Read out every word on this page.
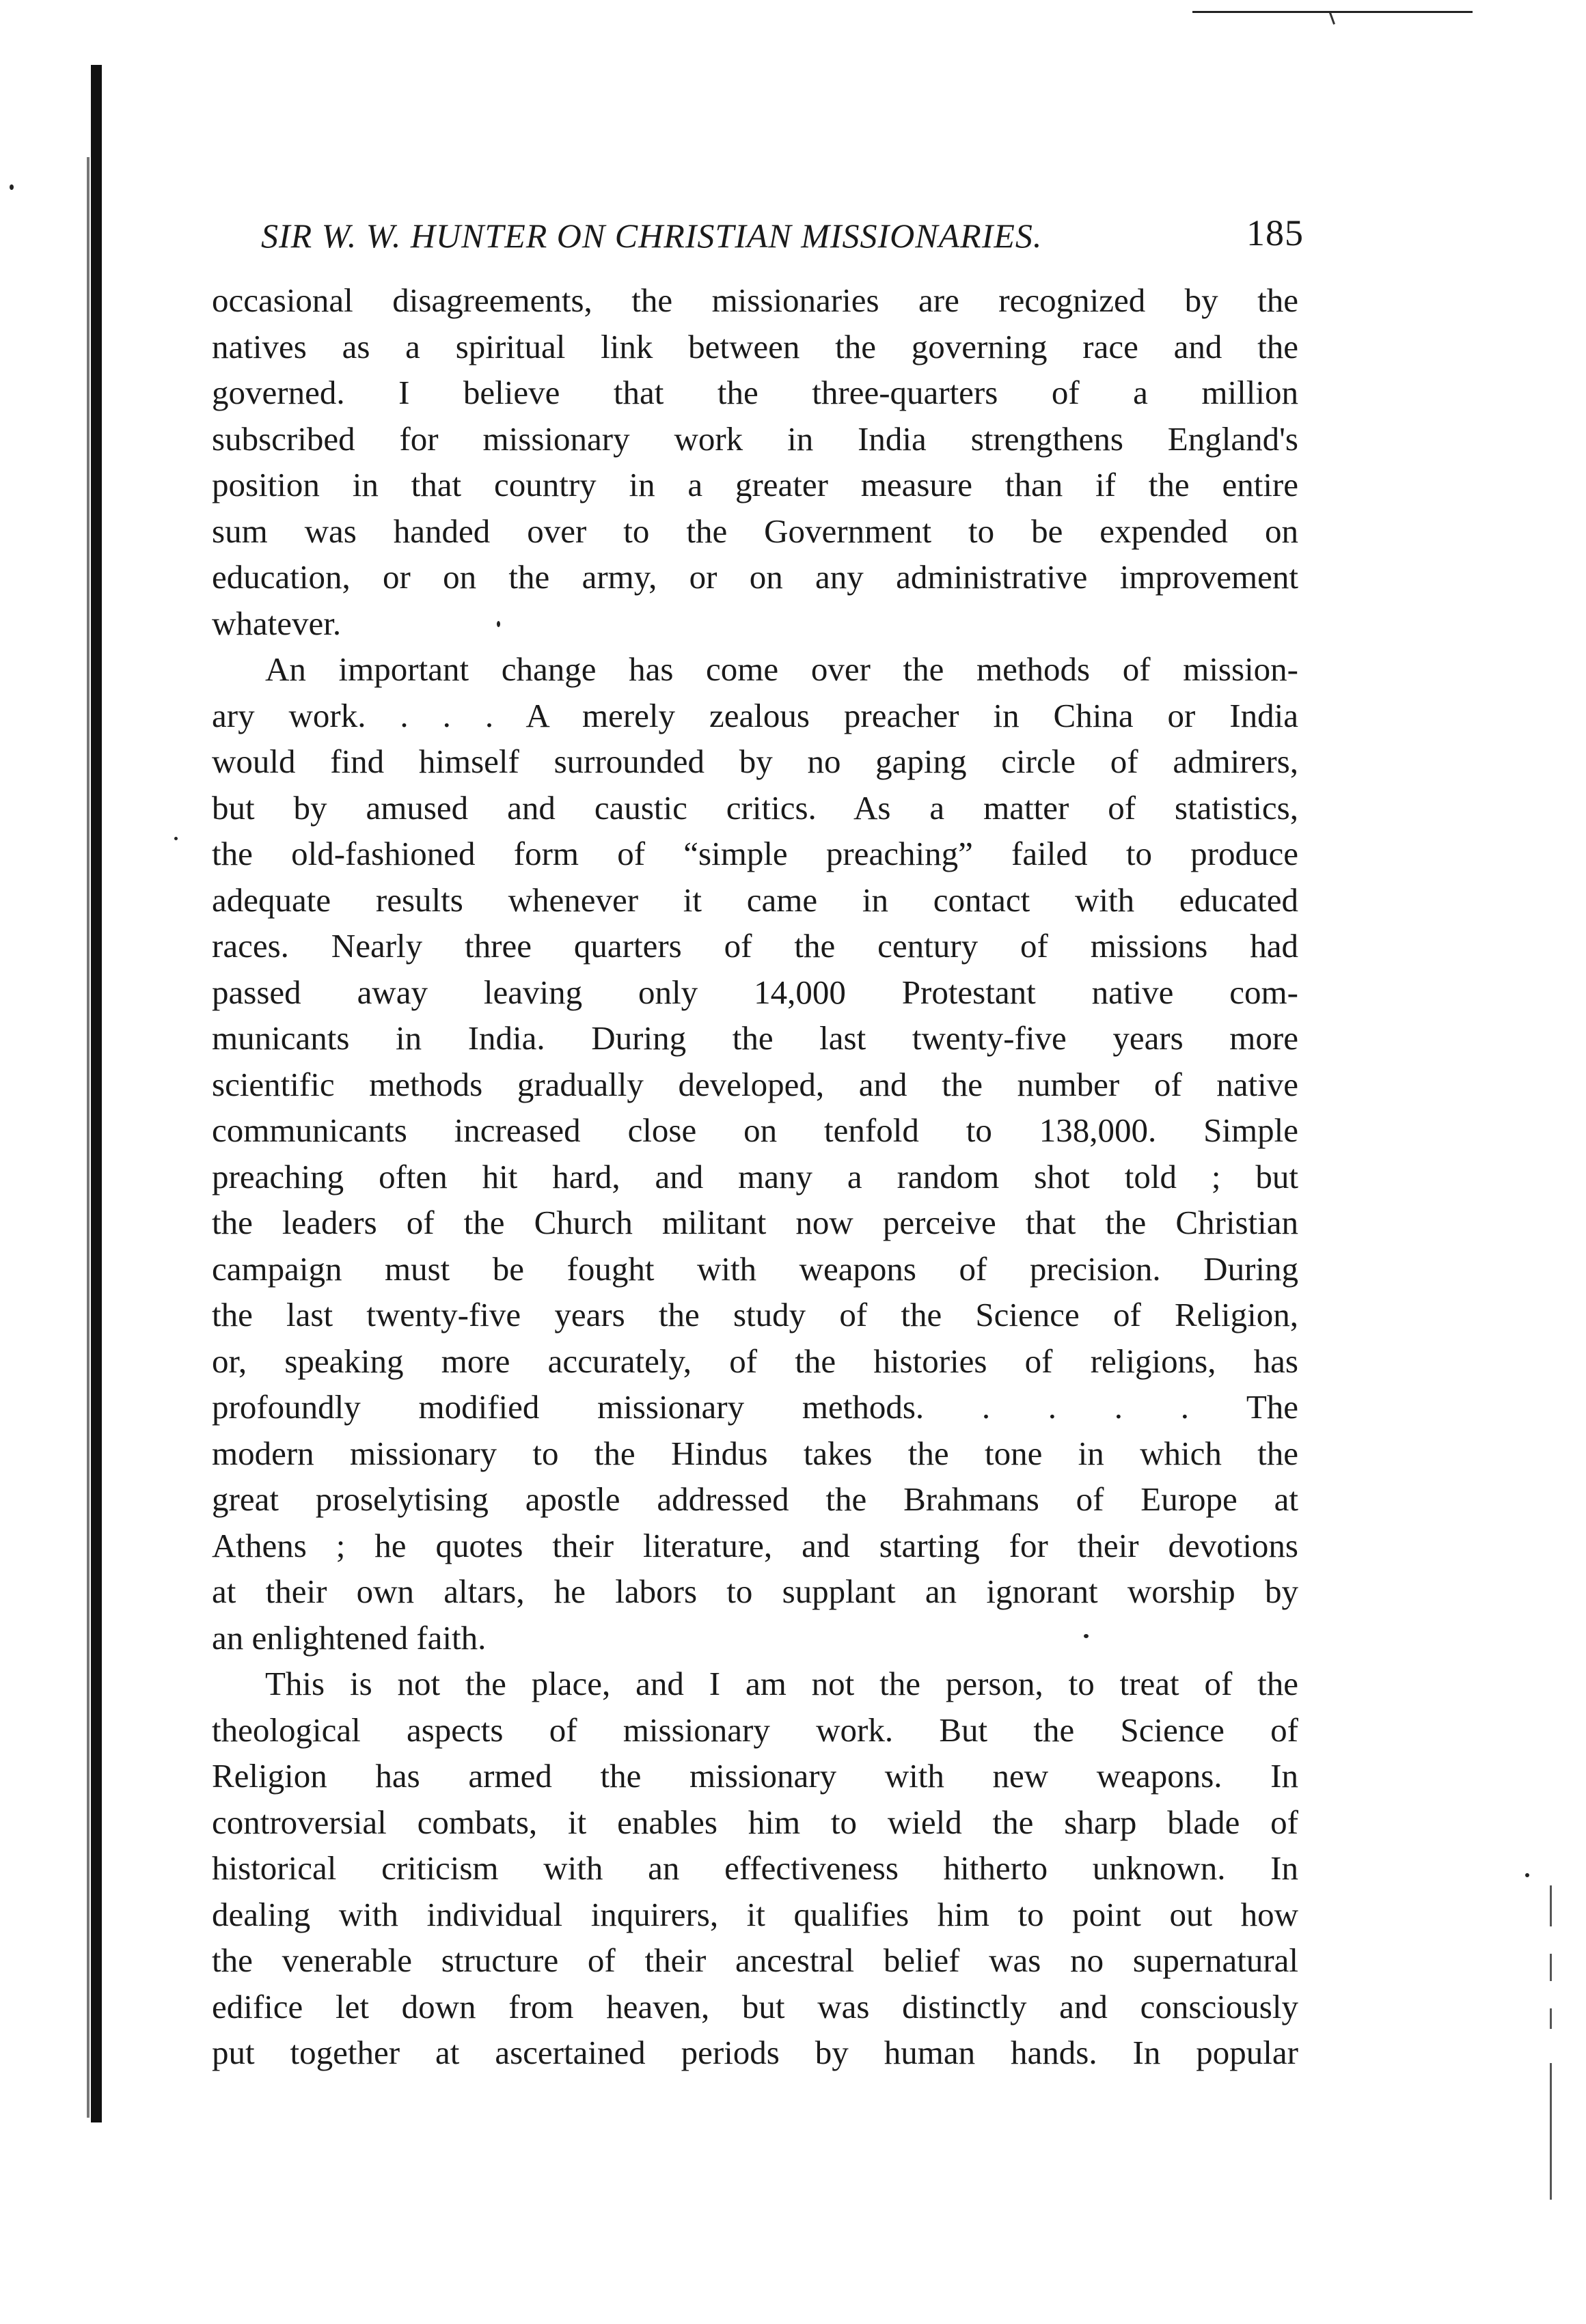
SIR W. W. HUNTER ON CHRISTIAN MISSIONARIES.	185
occasional disagreements, the missionaries are recognized by the
natives as a spiritual link between the governing race and the
governed. I believe that the three-quarters of a million
subscribed for missionary work in India strengthens England's
position in that country in a greater measure than if the entire
sum was handed over to the Government to be expended on
education, or on the army, or on any administrative improvement
whatever.
An important change has come over the methods of mission-
ary work. . . . A merely zealous preacher in China or India
would find himself surrounded by no gaping circle of admirers,
but by amused and caustic critics. As a matter of statistics,
the old-fashioned form of “simple preaching” failed to produce
adequate results whenever it came in contact with educated
races. Nearly three quarters of the century of missions had
passed away leaving only 14,000 Protestant native com-
municants in India. During the last twenty-five years more
scientific methods gradually developed, and the number of native
communicants increased close on tenfold to 138,000. Simple
preaching often hit hard, and many a random shot told ; but
the leaders of the Church militant now perceive that the Christian
campaign must be fought with weapons of precision. During
the last twenty-five years the study of the Science of Religion,
or, speaking more accurately, of the histories of religions, has
profoundly modified missionary methods. . . . . The
modern missionary to the Hindus takes the tone in which the
great proselytising apostle addressed the Brahmans of Europe at
Athens ; he quotes their literature, and starting for their devotions
at their own altars, he labors to supplant an ignorant worship by
an enlightened faith.
This is not the place, and I am not the person, to treat of the
theological aspects of missionary work. But the Science of
Religion has armed the missionary with new weapons. In
controversial combats, it enables him to wield the sharp blade of
historical criticism with an effectiveness hitherto unknown. In
dealing with individual inquirers, it qualifies him to point out how
the venerable structure of their ancestral belief was no supernatural
edifice let down from heaven, but was distinctly and consciously
put together at ascertained periods by human hands. In popular
